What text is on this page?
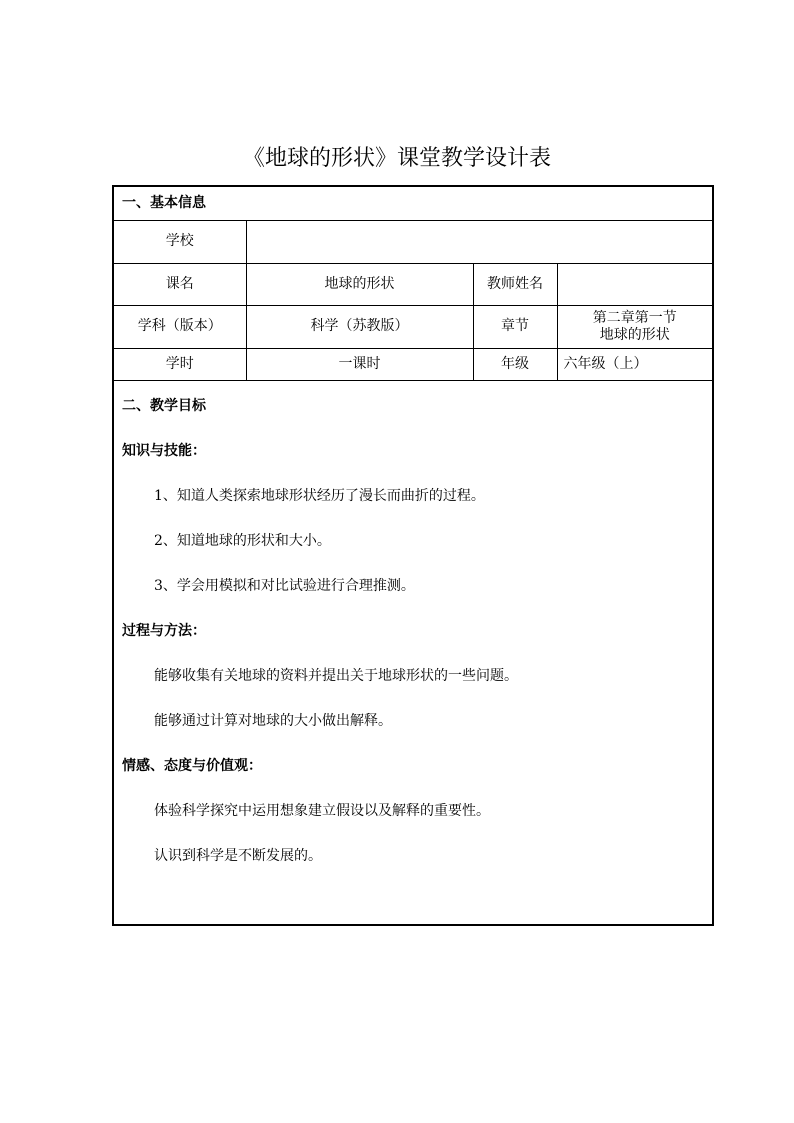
《地球的形状》课堂教学设计表
一、基本信息			
学校			
课名	地球的形状	教师姓名	
学科（版本）	科学（苏教版）	章节	第二章第一节
地球的形状

学时	一课时	年级	六年级（上）

二、教学目标

知识与技能：

1、知道人类探索地球形状经历了漫长而曲折的过程。

2、知道地球的形状和大小。

3、学会用模拟和对比试验进行合理推测。

过程与方法：

能够收集有关地球的资料并提出关于地球形状的一些问题。

能够通过计算对地球的大小做出解释。

情感、态度与价值观：

体验科学探究中运用想象建立假设以及解释的重要性。

认识到科学是不断发展的。
